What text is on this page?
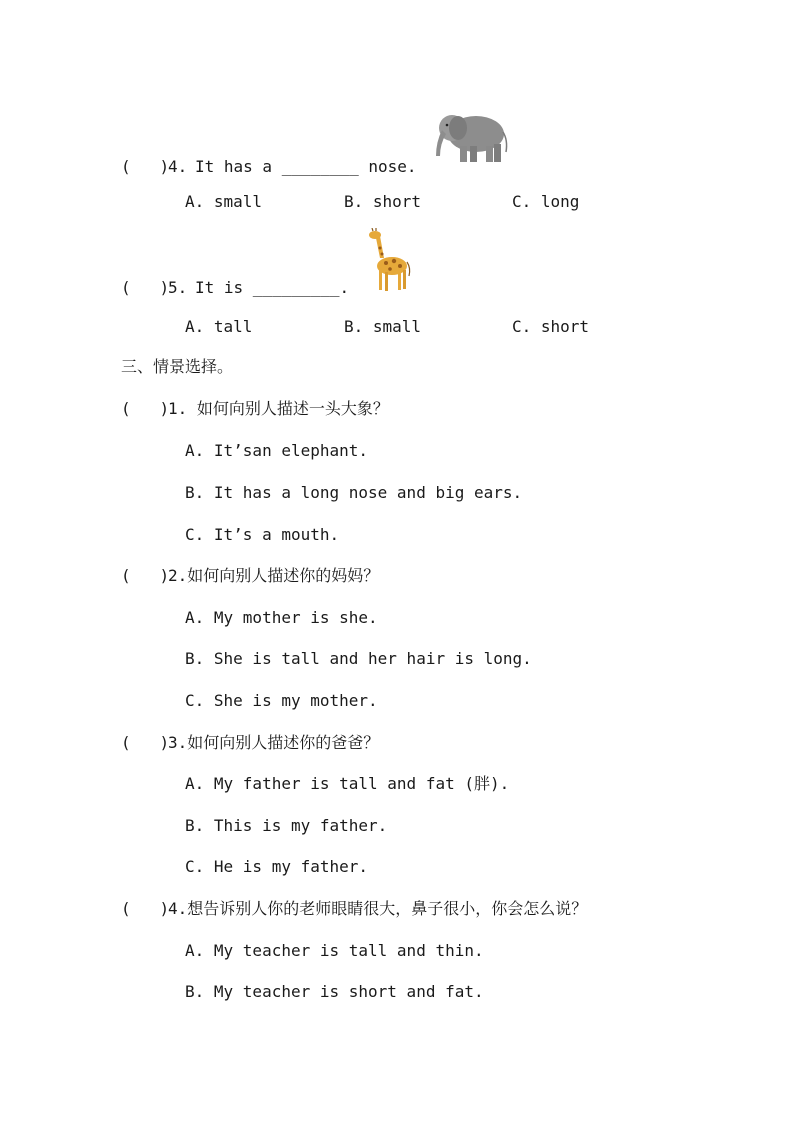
(   )
4. It has a ________ nose.
A. small	B. short	C. long
(   )
5. It is _________.
A. tall	B. small	C. short
三、情景选择。
(   )
1. 如何向别人描述一头大象？
A. It’san elephant.
B. It has a long nose and big ears.
C. It’s a mouth.
(   )
2.如何向别人描述你的妈妈？
A. My mother is she.
B. She is tall and her hair is long.
C. She is my mother.
(   )
3.如何向别人描述你的爸爸？
A. My father is tall and fat (胖).
B. This is my father.
C. He is my father.
(   )
4.想告诉别人你的老师眼睛很大，鼻子很小，你会怎么说？
A. My teacher is tall and thin.
B. My teacher is short and fat.
